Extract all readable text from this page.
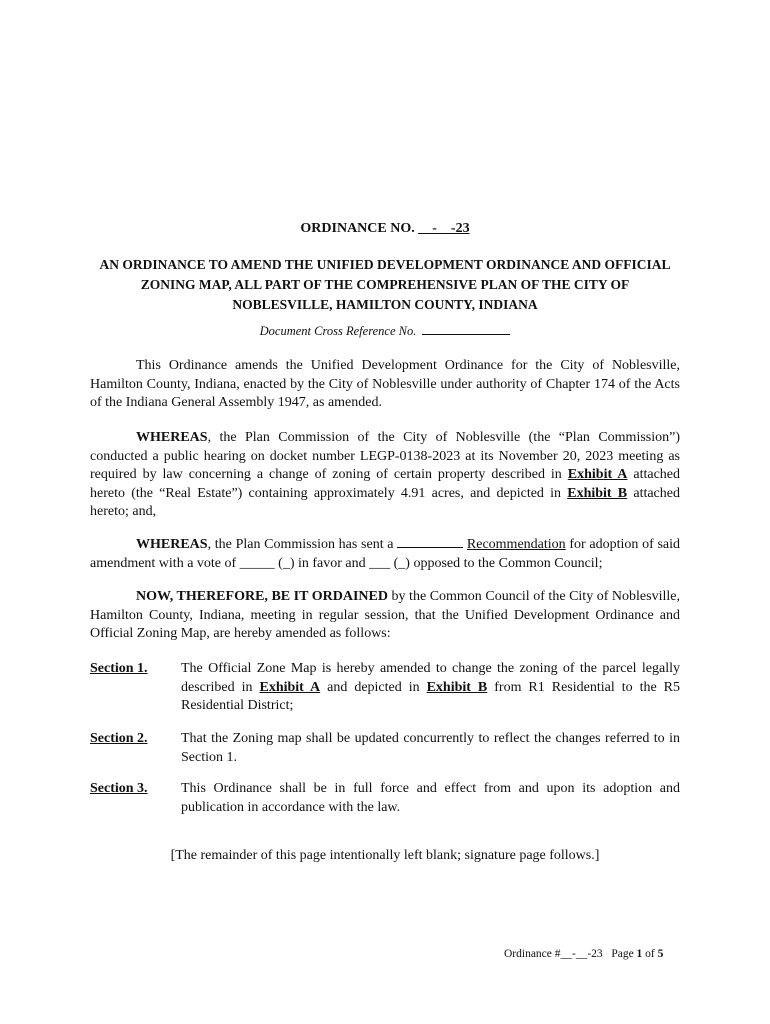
ORDINANCE NO. __-__-23
AN ORDINANCE TO AMEND THE UNIFIED DEVELOPMENT ORDINANCE AND OFFICIAL ZONING MAP, ALL PART OF THE COMPREHENSIVE PLAN OF THE CITY OF NOBLESVILLE, HAMILTON COUNTY, INDIANA
Document Cross Reference No.
This Ordinance amends the Unified Development Ordinance for the City of Noblesville, Hamilton County, Indiana, enacted by the City of Noblesville under authority of Chapter 174 of the Acts of the Indiana General Assembly 1947, as amended.
WHEREAS, the Plan Commission of the City of Noblesville (the “Plan Commission”) conducted a public hearing on docket number LEGP-0138-2023 at its November 20, 2023 meeting as required by law concerning a change of zoning of certain property described in Exhibit A attached hereto (the “Real Estate”) containing approximately 4.91 acres, and depicted in Exhibit B attached hereto; and,
WHEREAS, the Plan Commission has sent a	Recommendation for adoption of said amendment with a vote of _____ (_) in favor and ___ (_) opposed to the Common Council;
NOW, THEREFORE, BE IT ORDAINED by the Common Council of the City of Noblesville, Hamilton County, Indiana, meeting in regular session, that the Unified Development Ordinance and Official Zoning Map, are hereby amended as follows:
Section 1. The Official Zone Map is hereby amended to change the zoning of the parcel legally described in Exhibit A and depicted in Exhibit B from R1 Residential to the R5 Residential District;
Section 2. That the Zoning map shall be updated concurrently to reflect the changes referred to in Section 1.
Section 3. This Ordinance shall be in full force and effect from and upon its adoption and publication in accordance with the law.
[The remainder of this page intentionally left blank; signature page follows.]
Ordinance #__-__-23 Page 1 of 5
